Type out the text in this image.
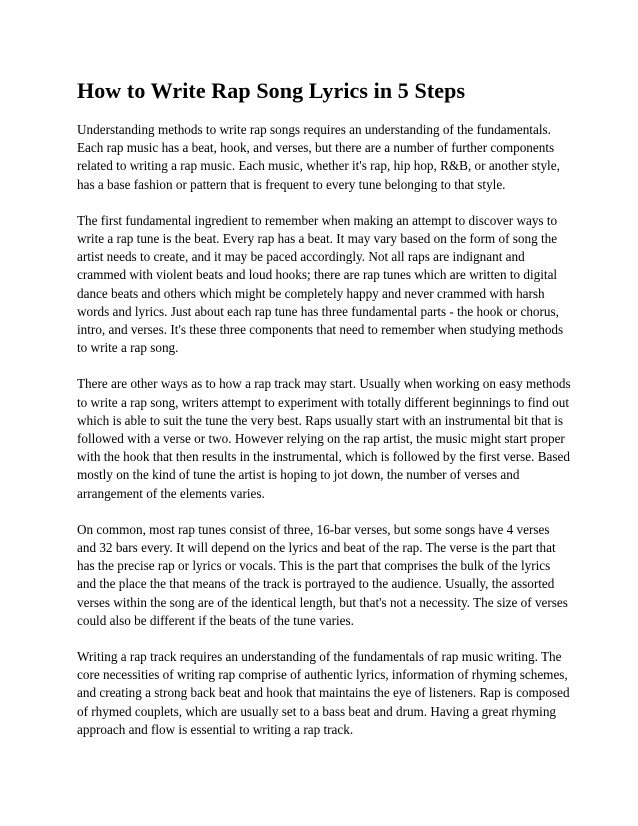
How to Write Rap Song Lyrics in 5 Steps

Understanding methods to write rap songs requires an understanding of the fundamentals. Each rap music has a beat, hook, and verses, but there are a number of further components related to writing a rap music. Each music, whether it's rap, hip hop, R&B, or another style, has a base fashion or pattern that is frequent to every tune belonging to that style.

The first fundamental ingredient to remember when making an attempt to discover ways to write a rap tune is the beat. Every rap has a beat. It may vary based on the form of song the artist needs to create, and it may be paced accordingly. Not all raps are indignant and crammed with violent beats and loud hooks; there are rap tunes which are written to digital dance beats and others which might be completely happy and never crammed with harsh words and lyrics. Just about each rap tune has three fundamental parts - the hook or chorus, intro, and verses. It's these three components that need to remember when studying methods to write a rap song.

There are other ways as to how a rap track may start. Usually when working on easy methods to write a rap song, writers attempt to experiment with totally different beginnings to find out which is able to suit the tune the very best. Raps usually start with an instrumental bit that is followed with a verse or two. However relying on the rap artist, the music might start proper with the hook that then results in the instrumental, which is followed by the first verse. Based mostly on the kind of tune the artist is hoping to jot down, the number of verses and arrangement of the elements varies.

On common, most rap tunes consist of three, 16-bar verses, but some songs have 4 verses and 32 bars every. It will depend on the lyrics and beat of the rap. The verse is the part that has the precise rap or lyrics or vocals. This is the part that comprises the bulk of the lyrics and the place the that means of the track is portrayed to the audience. Usually, the assorted verses within the song are of the identical length, but that's not a necessity. The size of verses could also be different if the beats of the tune varies.

Writing a rap track requires an understanding of the fundamentals of rap music writing. The core necessities of writing rap comprise of authentic lyrics, information of rhyming schemes, and creating a strong back beat and hook that maintains the eye of listeners. Rap is composed of rhymed couplets, which are usually set to a bass beat and drum. Having a great rhyming approach and flow is essential to writing a rap track.
